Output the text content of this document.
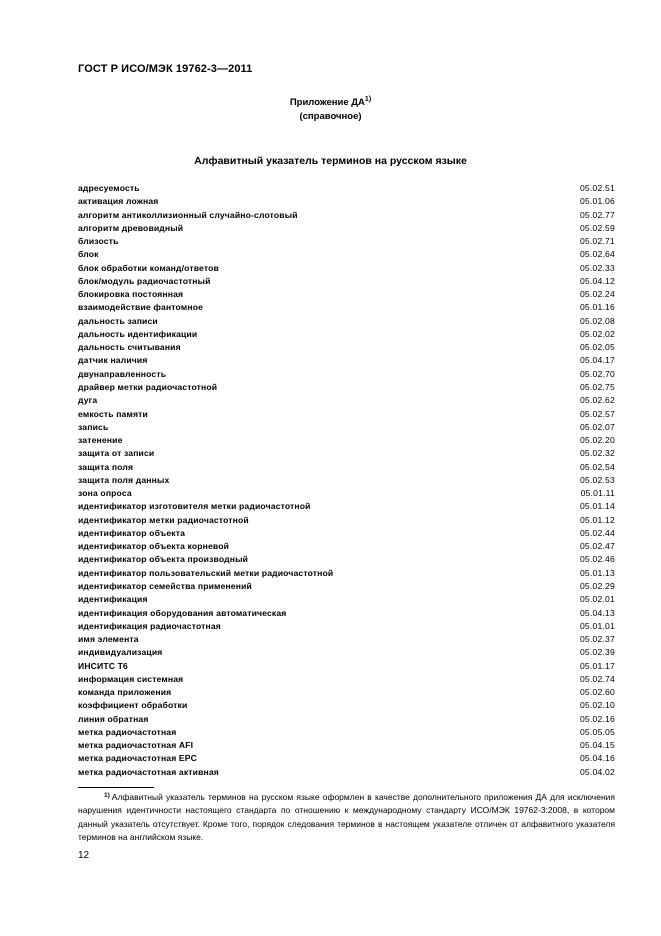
ГОСТ Р ИСО/МЭК 19762-3—2011
Приложение ДА$^{1)}$
(справочное)
Алфавитный указатель терминов на русском языке
адресуемость	05.02.51
активация ложная	05.01.06
алгоритм антиколлизионный случайно-слотовый	05.02.77
алгоритм древовидный	05.02.59
близость	05.02.71
блок	05.02.64
блок обработки команд/ответов	05.02.33
блок/модуль радиочастотный	05.04.12
блокировка постоянная	05.02.24
взаимодействие фантомное	05.01.16
дальность записи	05.02.08
дальность идентификации	05.02.02
дальность считывания	05.02.05
датчик наличия	05.04.17
двунаправленность	05.02.70
драйвер метки радиочастотной	05.02.75
дуга	05.02.62
емкость памяти	05.02.57
запись	05.02.07
затенение	05.02.20
защита от записи	05.02.32
защита поля	05.02.54
защита поля данных	05.02.53
зона опроса	05.01.11
идентификатор изготовителя метки радиочастотной	05.01.14
идентификатор метки радиочастотной	05.01.12
идентификатор объекта	05.02.44
идентификатор объекта корневой	05.02.47
идентификатор объекта производный	05.02.46
идентификатор пользовательский метки радиочастотной	05.01.13
идентификатор семейства применений	05.02.29
идентификация	05.02.01
идентификация оборудования автоматическая	05.04.13
идентификация радиочастотная	05.01.01
имя элемента	05.02.37
индивидуализация	05.02.39
ИНСИТС Т6	05.01.17
информация системная	05.02.74
команда приложения	05.02.60
коэффициент обработки	05.02.10
линия обратная	05.02.16
метка радиочастотная	05.05.05
метка радиочастотная AFI	05.04.15
метка радиочастотная EPC	05.04.16
метка радиочастотная активная	05.04.02
$^{1)}$ Алфавитный указатель терминов на русском языке оформлен в качестве дополнительного приложения ДА для исключения нарушения идентичности настоящего стандарта по отношению к международному стандарту ИСО/МЭК 19762-3:2008, в котором данный указатель отсутствует. Кроме того, порядок следования терминов в настоящем указателе отличен от алфавитного указателя терминов на английском языке.
12
